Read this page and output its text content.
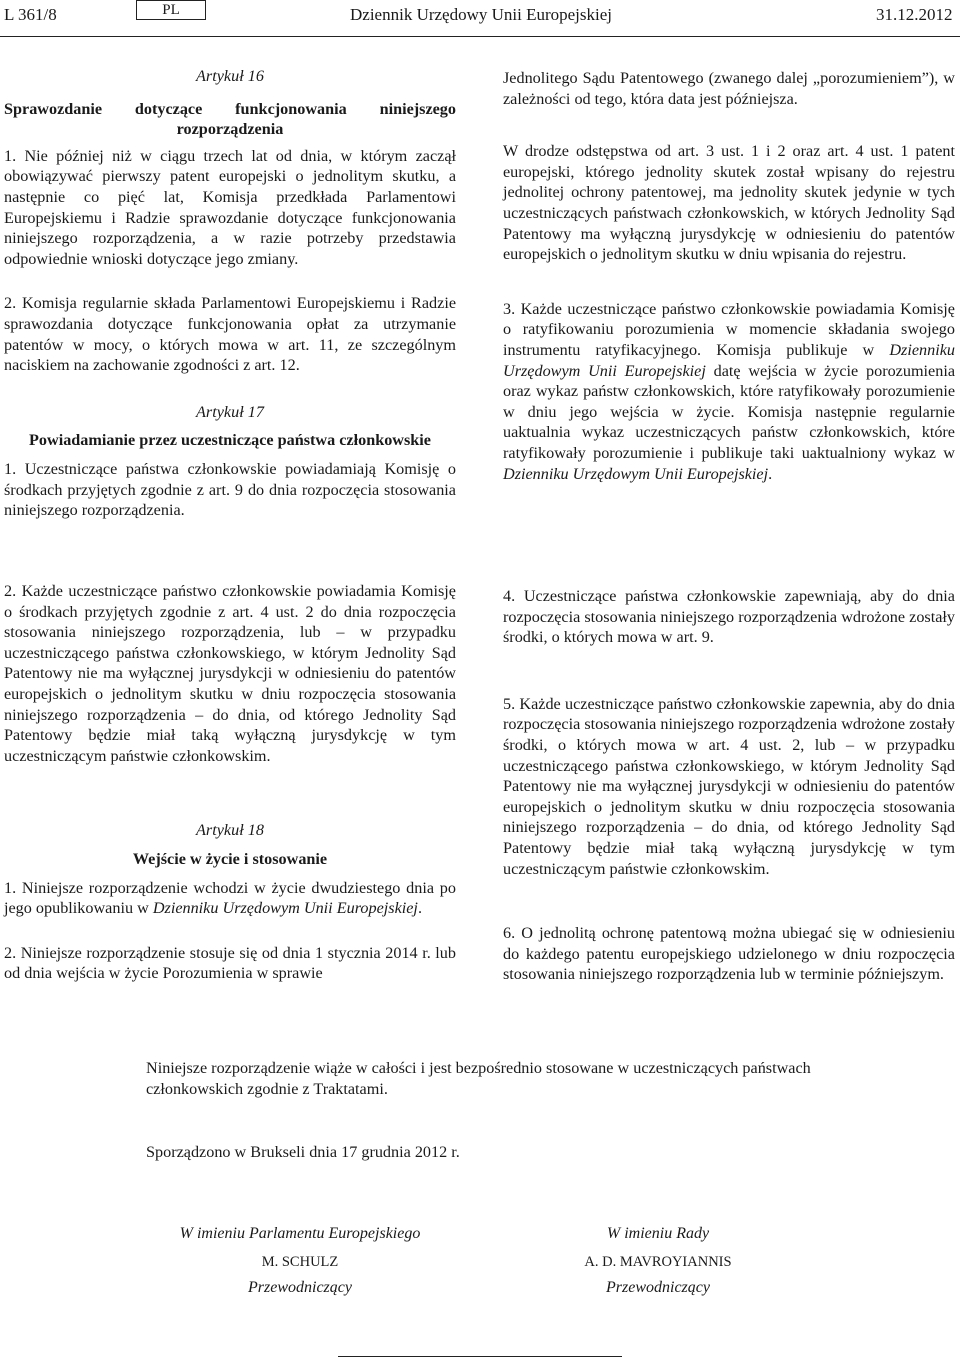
L 361/8	PL	Dziennik Urzędowy Unii Europejskiej	31.12.2012

Artykuł 16

Sprawozdanie dotyczące funkcjonowania niniejszego

rozporządzenia

1. Nie później niż w ciągu trzech lat od dnia, w którym zaczął obowiązywać pierwszy patent europejski o jednolitym skutku, a następnie co pięć lat, Komisja przedkłada Parlamentowi Europejskiemu i Radzie sprawozdanie dotyczące funkcjonowania niniejszego rozporządzenia, a w razie potrzeby przedstawia odpowiednie wnioski dotyczące jego zmiany.

2. Komisja regularnie składa Parlamentowi Europejskiemu i Radzie sprawozdania dotyczące funkcjonowania opłat za utrzymanie patentów w mocy, o których mowa w art. 11, ze szczególnym naciskiem na zachowanie zgodności z art. 12.

Artykuł 17

Powiadamianie przez uczestniczące państwa członkowskie

1. Uczestniczące państwa członkowskie powiadamiają Komisję o środkach przyjętych zgodnie z art. 9 do dnia rozpoczęcia stosowania niniejszego rozporządzenia.

Jednolitego Sądu Patentowego (zwanego dalej „porozumieniem”), w zależności od tego, która data jest późniejsza.

W drodze odstępstwa od art. 3 ust. 1 i 2 oraz art. 4 ust. 1 patent europejski, którego jednolity skutek został wpisany do rejestru jednolitej ochrony patentowej, ma jednolity skutek jedynie w tych uczestniczących państwach członkowskich, w których Jednolity Sąd Patentowy ma wyłączną jurysdykcję w odniesieniu do patentów europejskich o jednolitym skutku w dniu wpisania do rejestru.

3. Każde uczestniczące państwo członkowskie powiadamia Komisję o ratyfikowaniu porozumienia w momencie składania swojego instrumentu ratyfikacyjnego. Komisja publikuje w Dzienniku Urzędowym Unii Europejskiej datę wejścia w życie porozumienia oraz wykaz państw członkowskich, które ratyfikowały porozumienie w dniu jego wejścia w życie. Komisja następnie regularnie uaktualnia wykaz uczestniczących państw członkowskich, które ratyfikowały porozumienie i publikuje taki uaktualniony wykaz w Dzienniku Urzędowym Unii Europejskiej.

2. Każde uczestniczące państwo członkowskie powiadamia Komisję o środkach przyjętych zgodnie z art. 4 ust. 2 do dnia rozpoczęcia stosowania niniejszego rozporządzenia, lub – w przypadku uczestniczącego państwa członkowskiego, w którym Jednolity Sąd Patentowy nie ma wyłącznej jurysdykcji w odniesieniu do patentów europejskich o jednolitym skutku w dniu rozpoczęcia stosowania niniejszego rozporządzenia – do dnia, od którego Jednolity Sąd Patentowy będzie miał taką wyłączną jurysdykcję w tym uczestniczącym państwie członkowskim.

Artykuł 18

Wejście w życie i stosowanie

1. Niniejsze rozporządzenie wchodzi w życie dwudziestego dnia po jego opublikowaniu w Dzienniku Urzędowym Unii Europejskiej.

2. Niniejsze rozporządzenie stosuje się od dnia 1 stycznia 2014 r. lub od dnia wejścia w życie Porozumienia w sprawie

4. Uczestniczące państwa członkowskie zapewniają, aby do dnia rozpoczęcia stosowania niniejszego rozporządzenia wdrożone zostały środki, o których mowa w art. 9.

5. Każde uczestniczące państwo członkowskie zapewnia, aby do dnia rozpoczęcia stosowania niniejszego rozporządzenia wdrożone zostały środki, o których mowa w art. 4 ust. 2, lub – w przypadku uczestniczącego państwa członkowskiego, w którym Jednolity Sąd Patentowy nie ma wyłącznej jurysdykcji w odniesieniu do patentów europejskich o jednolitym skutku w dniu rozpoczęcia stosowania niniejszego rozporządzenia – do dnia, od którego Jednolity Sąd Patentowy będzie miał taką wyłączną jurysdykcję w tym uczestniczącym państwie członkowskim.

6. O jednolitą ochronę patentową można ubiegać się w odniesieniu do każdego patentu europejskiego udzielonego w dniu rozpoczęcia stosowania niniejszego rozporządzenia lub w terminie późniejszym.

Niniejsze rozporządzenie wiąże w całości i jest bezpośrednio stosowane w uczestniczących państwach członkowskich zgodnie z Traktatami.
Sporządzono w Brukseli dnia 17 grudnia 2012 r.
W imieniu Parlamentu Europejskiego
M. SCHULZ
Przewodniczący
W imieniu Rady
A. D. MAVROYIANNIS
Przewodniczący
